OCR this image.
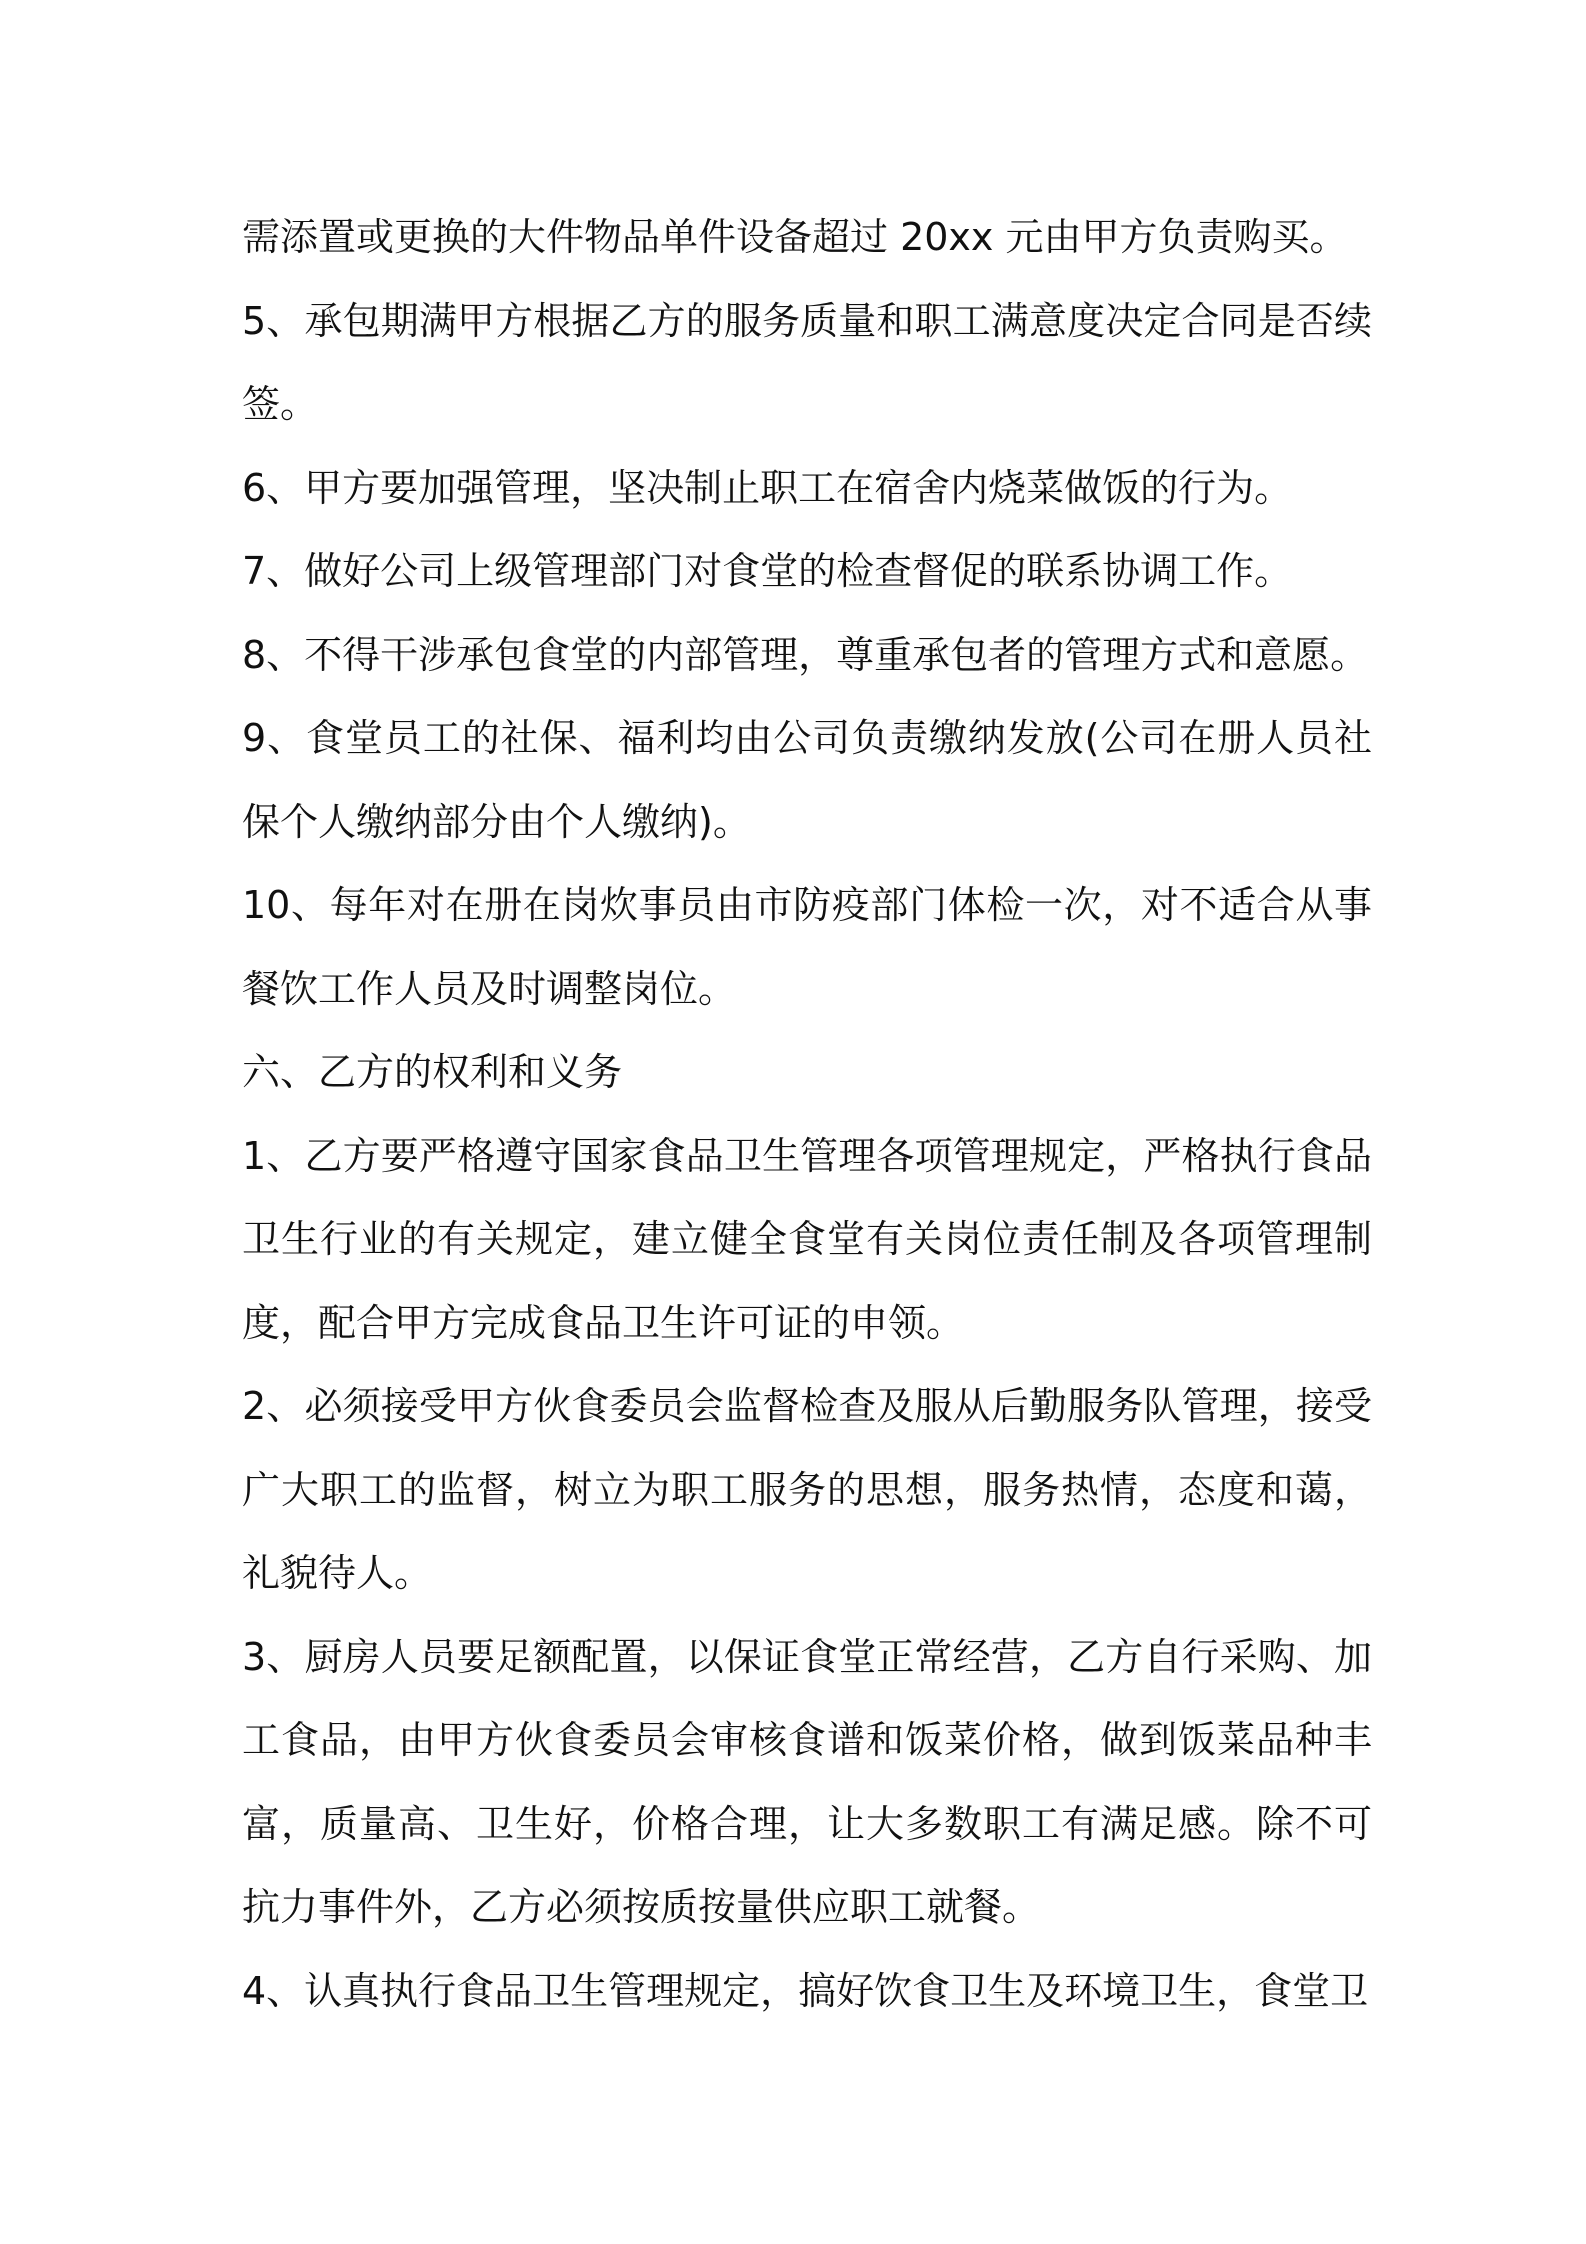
需添置或更换的大件物品单件设备超过 20xx 元由甲方负责购买。

5、承包期满甲方根据乙方的服务质量和职工满意度决定合同是否续签。

6、甲方要加强管理，坚决制止职工在宿舍内烧菜做饭的行为。

7、做好公司上级管理部门对食堂的检查督促的联系协调工作。

8、不得干涉承包食堂的内部管理，尊重承包者的管理方式和意愿。

9、食堂员工的社保、福利均由公司负责缴纳发放(公司在册人员社保个人缴纳部分由个人缴纳)。

10、每年对在册在岗炊事员由市防疫部门体检一次，对不适合从事餐饮工作人员及时调整岗位。

六、乙方的权利和义务

1、乙方要严格遵守国家食品卫生管理各项管理规定，严格执行食品卫生行业的有关规定，建立健全食堂有关岗位责任制及各项管理制度，配合甲方完成食品卫生许可证的申领。

2、必须接受甲方伙食委员会监督检查及服从后勤服务队管理，接受广大职工的监督，树立为职工服务的思想，服务热情，态度和蔼，礼貌待人。

3、厨房人员要足额配置，以保证食堂正常经营，乙方自行采购、加工食品，由甲方伙食委员会审核食谱和饭菜价格，做到饭菜品种丰富，质量高、卫生好，价格合理，让大多数职工有满足感。除不可抗力事件外，乙方必须按质按量供应职工就餐。

4、认真执行食品卫生管理规定，搞好饮食卫生及环境卫生，食堂卫
